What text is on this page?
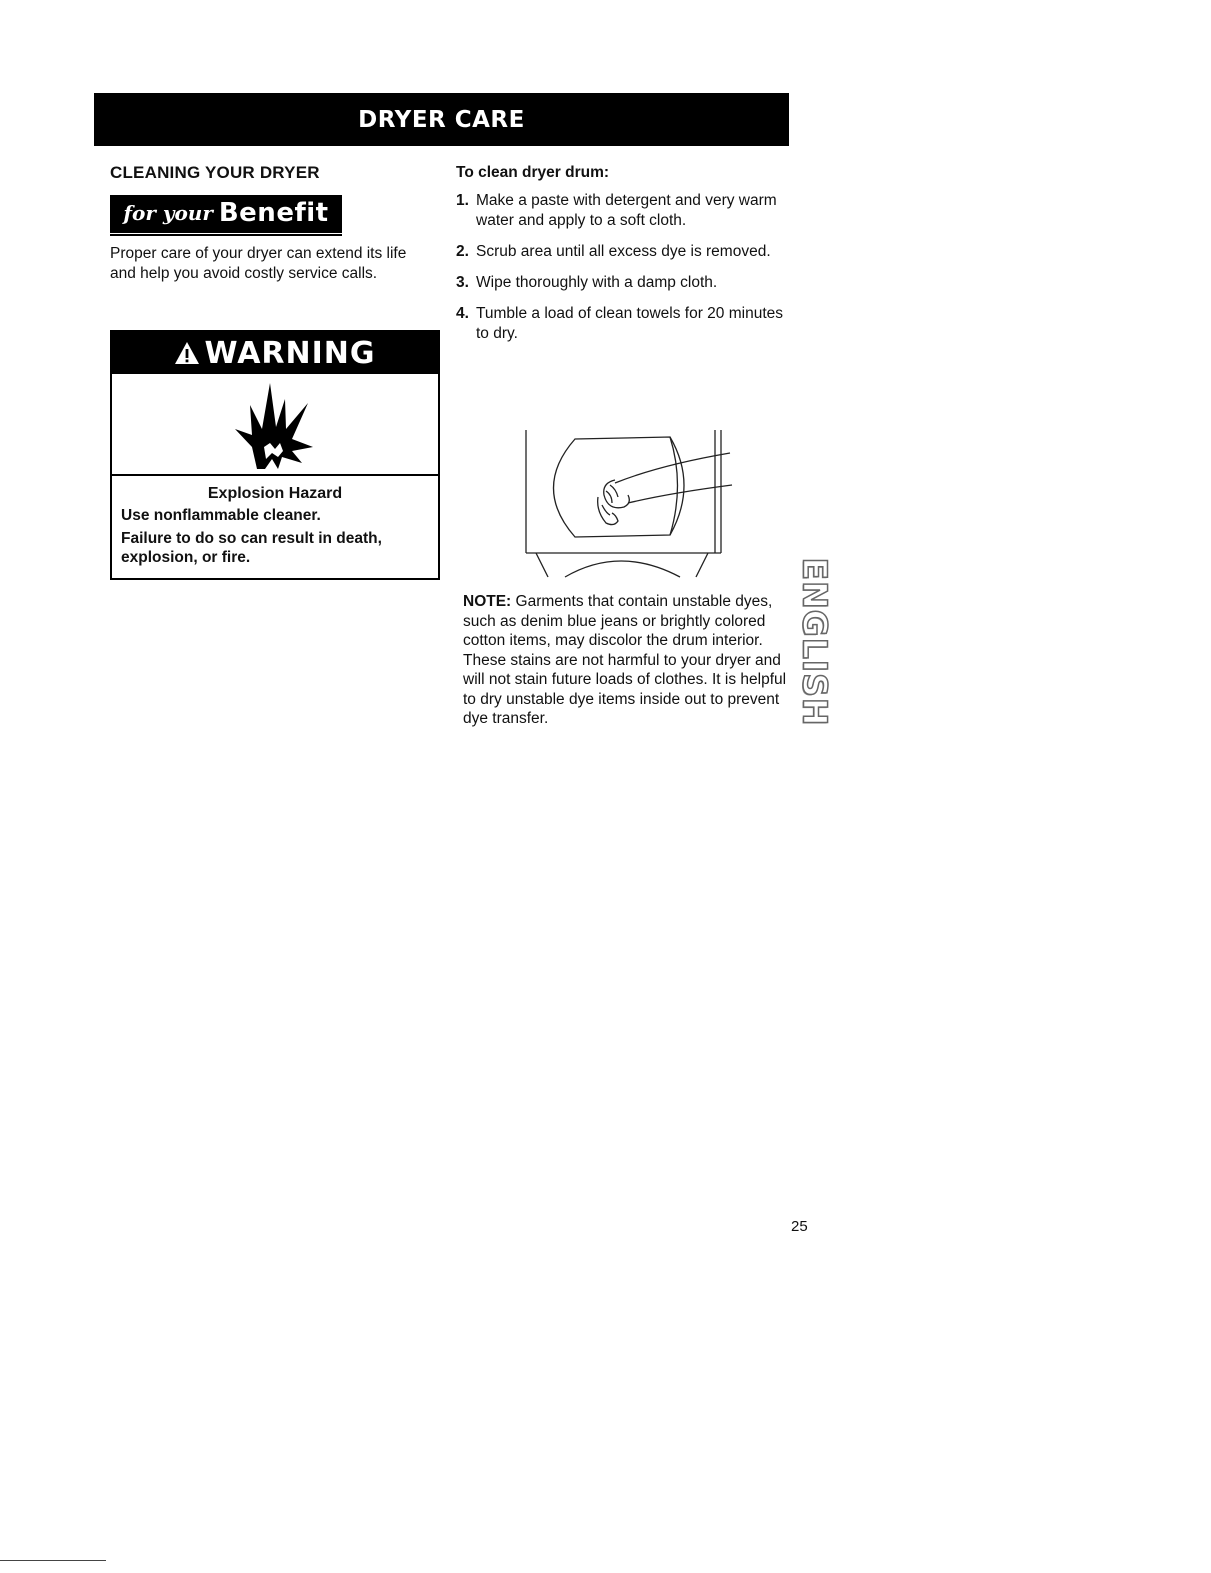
DRYER CARE
CLEANING YOUR DRYER
for your Benefit

Proper care of your dryer can extend its life and help you avoid costly service calls.

WARNING

Explosion Hazard

Use nonflammable cleaner.

Failure to do so can result in death, explosion, or fire.

To clean dryer drum:
1. Make a paste with detergent and very warm water and apply to a soft cloth.
2. Scrub area until all excess dye is removed.
3. Wipe thoroughly with a damp cloth.
4. Tumble a load of clean towels for 20 minutes to dry.

NOTE: Garments that contain unstable dyes, such as denim blue jeans or brightly colored cotton items, may discolor the drum interior. These stains are not harmful to your dryer and will not stain future loads of clothes. It is helpful to dry unstable dye items inside out to prevent dye transfer.	ENGLISH
25
